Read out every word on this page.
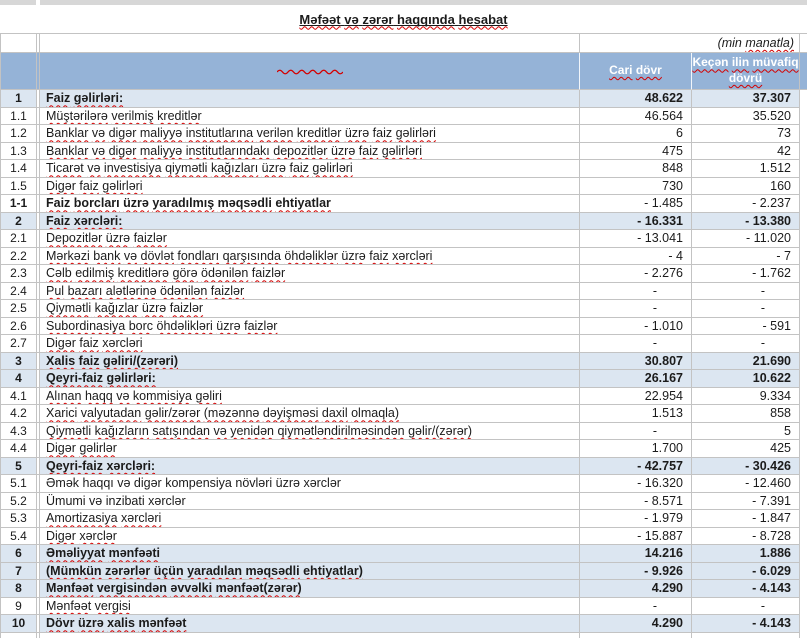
Məfəət və zərər haqqında hesabat					
			(min manatla)		
			Cari dövr	Keçən ilin müvafiq dövrü	
1		Faiz gəlirləri:	48.622	37.307	
1.1		Müştərilərə verilmiş kreditlər	46.564	35.520	
1.2		Banklar və digər maliyyə institutlarına verilən kreditlər üzrə faiz gəlirləri	6	73	
1.3		Banklar və digər maliyyə institutlarındakı depozitlər üzrə faiz gəlirləri	475	42	
1.4		Ticarət və investisiya qiymətli kağızları üzrə faiz gəlirləri	848	1.512	
1.5		Digər faiz gəlirləri	730	160	
1-1		Faiz borcları üzrə yaradılmış məqsədli ehtiyatlar	- 1.485	- 2.237	
2		Faiz xərcləri:	- 16.331	- 13.380	
2.1		Depozitlər üzrə faizlər	- 13.041	- 11.020	
2.2		Mərkəzi bank və dövlət fondları qarşısında öhdəliklər üzrə faiz xərcləri	- 4	- 7	
2.3		Cəlb edilmiş kreditlərə görə ödənilən faizlər	- 2.276	- 1.762	
2.4		Pul bazarı alətlərinə ödənilən faizlər	-	-	
2.5		Qiymətli kağızlar üzrə faizlər	-	-	
2.6		Subordinasiya borc öhdəlikləri üzrə faizlər	- 1.010	- 591	
2.7		Digər faiz xərcləri	-	-	
3		Xalis faiz gəliri/(zərəri)	30.807	21.690	
4		Qeyri-faiz gəlirləri:	26.167	10.622	
4.1		Alınan haqq və kommisiya gəliri	22.954	9.334	
4.2		Xarici valyutadan gəlir/zərər (məzənnə dəyişməsi daxil olmaqla)	1.513	858	
4.3		Qiymətli kağızların satışından və yenidən qiymətləndirilməsindən gəlir/(zərər)	-	5	
4.4		Digər gəlirlər	1.700	425	
5		Qeyri-faiz xərcləri:	- 42.757	- 30.426	
5.1		Əmək haqqı və digər kompensiya növləri üzrə xərclər	- 16.320	- 12.460	
5.2		Ümumi və inzibati xərclər	- 8.571	- 7.391	
5.3		Amortizasiya xərcləri	- 1.979	- 1.847	
5.4		Digər xərclər	- 15.887	- 8.728	
6		Əməliyyat mənfəəti	14.216	1.886	
7		(Mümkün zərərlər üçün yaradılan məqsədli ehtiyatlar)	- 9.926	- 6.029	
8		Mənfəət vergisindən əvvəlki mənfəət(zərər)	4.290	- 4.143	
9		Mənfəət vergisi	-	-	
10		Dövr üzrə xalis mənfəət	4.290	- 4.143	
